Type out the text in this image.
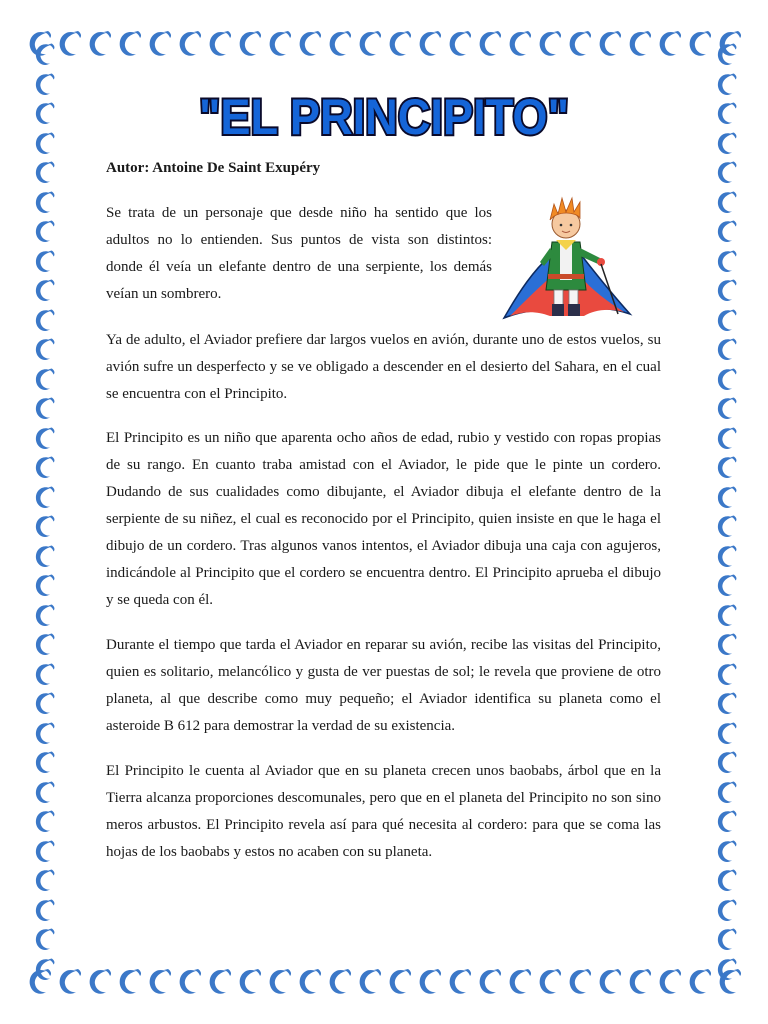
"EL PRINCIPITO"
Autor: Antoine De Saint Exupéry

Se trata de un personaje que desde niño ha sentido que los adultos no lo entienden. Sus puntos de vista son distintos: donde él veía un elefante dentro de una serpiente, los demás veían un sombrero.

Ya de adulto, el Aviador prefiere dar largos vuelos en avión, durante uno de estos vuelos, su avión sufre un desperfecto y se ve obligado a descender en el desierto del Sahara, en el cual se encuentra con el Principito.

El Principito es un niño que aparenta ocho años de edad, rubio y vestido con ropas propias de su rango. En cuanto traba amistad con el Aviador, le pide que le pinte un cordero. Dudando de sus cualidades como dibujante, el Aviador dibuja el elefante dentro de la serpiente de su niñez, el cual es reconocido por el Principito, quien insiste en que le haga el dibujo de un cordero. Tras algunos vanos intentos, el Aviador dibuja una caja con agujeros, indicándole al Principito que el cordero se encuentra dentro. El Principito aprueba el dibujo y se queda con él.

Durante el tiempo que tarda el Aviador en reparar su avión, recibe las visitas del Principito, quien es solitario, melancólico y gusta de ver puestas de sol; le revela que proviene de otro planeta, al que describe como muy pequeño; el Aviador identifica su planeta como el asteroide B 612 para demostrar la verdad de su existencia.

El Principito le cuenta al Aviador que en su planeta crecen unos baobabs, árbol que en la Tierra alcanza proporciones descomunales, pero que en el planeta del Principito no son sino meros arbustos. El Principito revela así para qué necesita al cordero: para que se coma las hojas de los baobabs y estos no acaben con su planeta.
